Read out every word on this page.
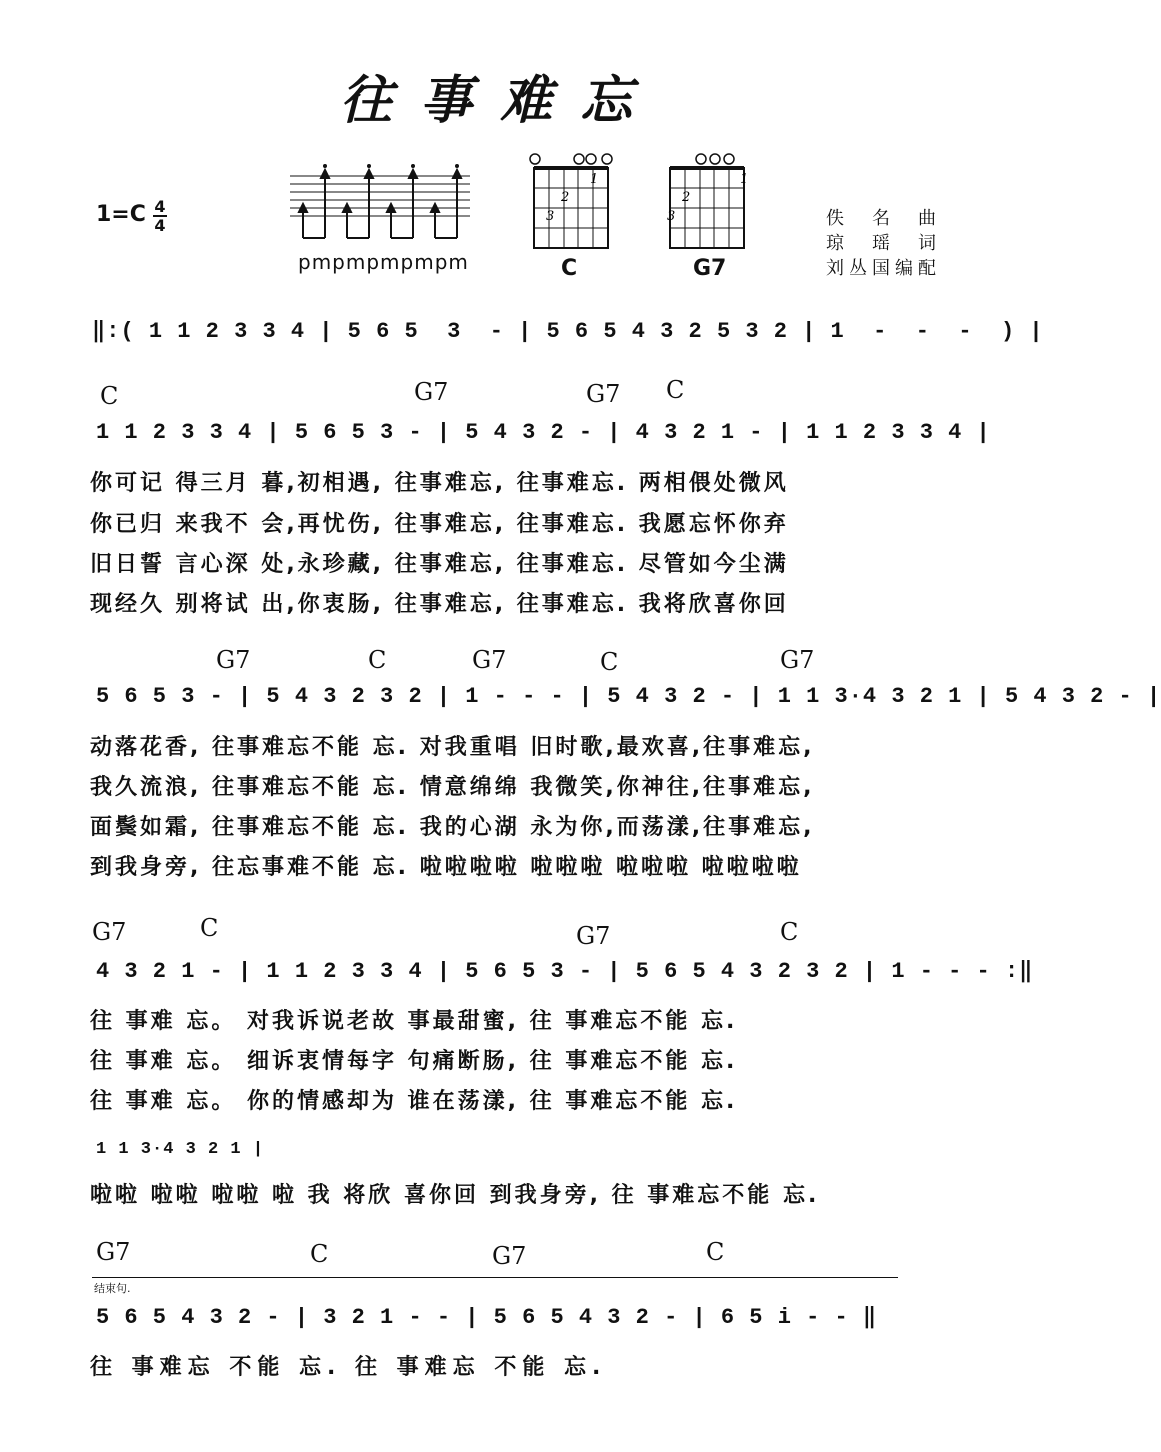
往事难忘
1=C 4
4
pmpmpmpmpm
1
2
3
C
1
2
3
G7
佚名曲
琼瑶词
刘丛国编配
‖:( 1 1 2 3 3 4 | 5 6 5  3  - | 5 6 5 4 3 2 5 3 2 | 1  -  -  -  ) |
C	G7	G7 C
1 1 2 3 3 4 | 5 6 5 3 - | 5 4 3 2 - | 4 3 2 1 - | 1 1 2 3 3 4 |
你可记 得三月 暮,初相遇, 往事难忘, 往事难忘. 两相偎处微风
你已归 来我不 会,再忧伤, 往事难忘, 往事难忘. 我愿忘怀你弃
旧日誓 言心深 处,永珍藏, 往事难忘, 往事难忘. 尽管如今尘满
现经久 别将试 出,你衷肠, 往事难忘, 往事难忘. 我将欣喜你回
G7	C	G7	C	G7
5 6 5 3 - | 5 4 3 2 3 2 | 1 - - - | 5 4 3 2 - | 1 1 3·4 3 2 1 | 5 4 3 2 - |
动落花香, 往事难忘不能 忘. 对我重唱 旧时歌,最欢喜,往事难忘,
我久流浪, 往事难忘不能 忘. 情意绵绵 我微笑,你神往,往事难忘,
面鬓如霜, 往事难忘不能 忘. 我的心湖 永为你,而荡漾,往事难忘,
到我身旁, 往忘事难不能 忘. 啦啦啦啦 啦啦啦 啦啦啦 啦啦啦啦
G7	C	G7	C
4 3 2 1 - | 1 1 2 3 3 4 | 5 6 5 3 - | 5 6 5 4 3 2 3 2 | 1 - - - :‖
往 事难 忘。 对我诉说老故 事最甜蜜, 往 事难忘不能 忘.
往 事难 忘。 细诉衷情每字 句痛断肠, 往 事难忘不能 忘.
往 事难 忘。 你的情感却为 谁在荡漾, 往 事难忘不能 忘.
1 1 3·4 3 2 1 |
啦啦 啦啦 啦啦 啦 我 将欣 喜你回 到我身旁, 往 事难忘不能 忘.
G7	C	G7	C
结束句.
5 6 5 4 3 2 - | 3 2 1 - - | 5 6 5 4 3 2 - | 6 5 i - - ‖
往 事难忘 不能 忘. 往 事难忘 不能 忘.
